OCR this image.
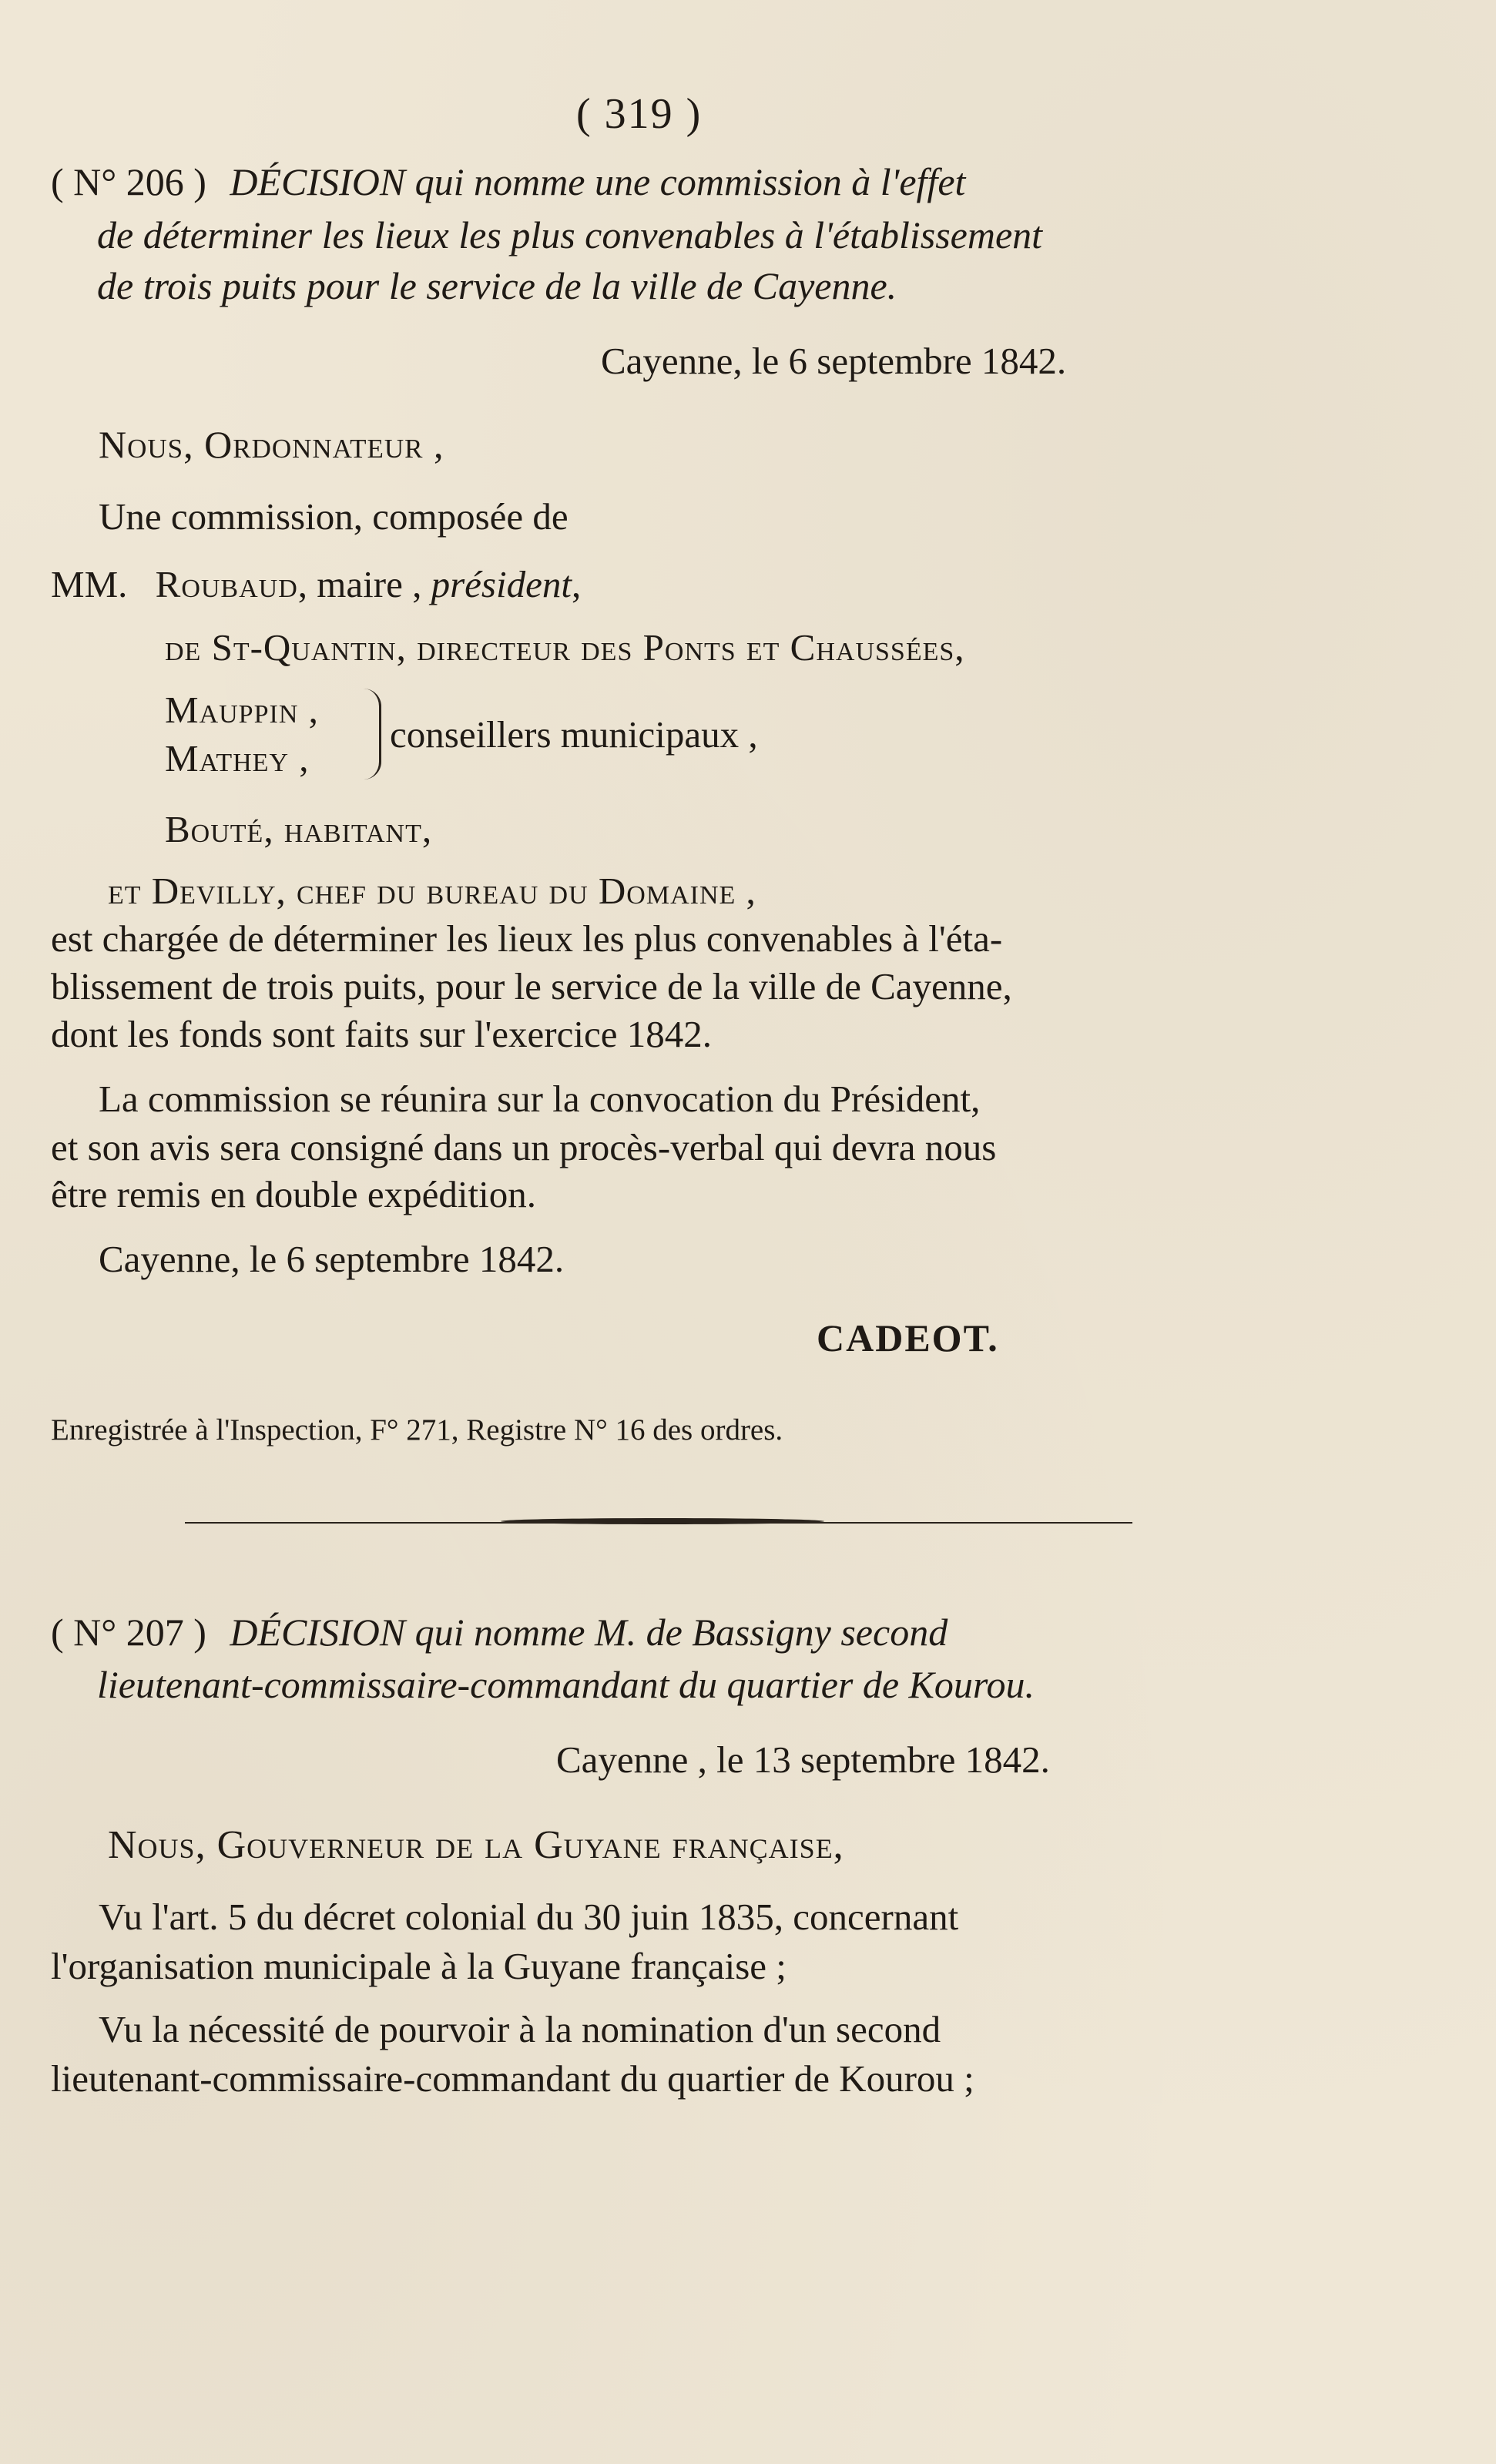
( 319 )
( N° 206 ) DÉCISION qui nomme une commission à l'effet
de déterminer les lieux les plus convenables à l'établissement
de trois puits pour le service de la ville de Cayenne.
Cayenne, le 6 septembre 1842.
Nous, Ordonnateur ,
Une commission, composée de
MM. Roubaud, maire , président,
de St-Quantin, directeur des Ponts et Chaussées,
Mauppin ,
Mathey ,
conseillers municipaux ,
Bouté, habitant,
et Devilly, chef du bureau du Domaine ,
est chargée de déterminer les lieux les plus convenables à l'éta-
blissement de trois puits, pour le service de la ville de Cayenne,
dont les fonds sont faits sur l'exercice 1842.
La commission se réunira sur la convocation du Président,
et son avis sera consigné dans un procès-verbal qui devra nous
être remis en double expédition.
Cayenne, le 6 septembre 1842.
CADEOT.
Enregistrée à l'Inspection, F° 271, Registre N° 16 des ordres.
( N° 207 ) DÉCISION qui nomme M. de Bassigny second
lieutenant-commissaire-commandant du quartier de Kourou.
Cayenne , le 13 septembre 1842.
Nous, Gouverneur de la Guyane française,
Vu l'art. 5 du décret colonial du 30 juin 1835, concernant
l'organisation municipale à la Guyane française ;
Vu la nécessité de pourvoir à la nomination d'un second
lieutenant-commissaire-commandant du quartier de Kourou ;
